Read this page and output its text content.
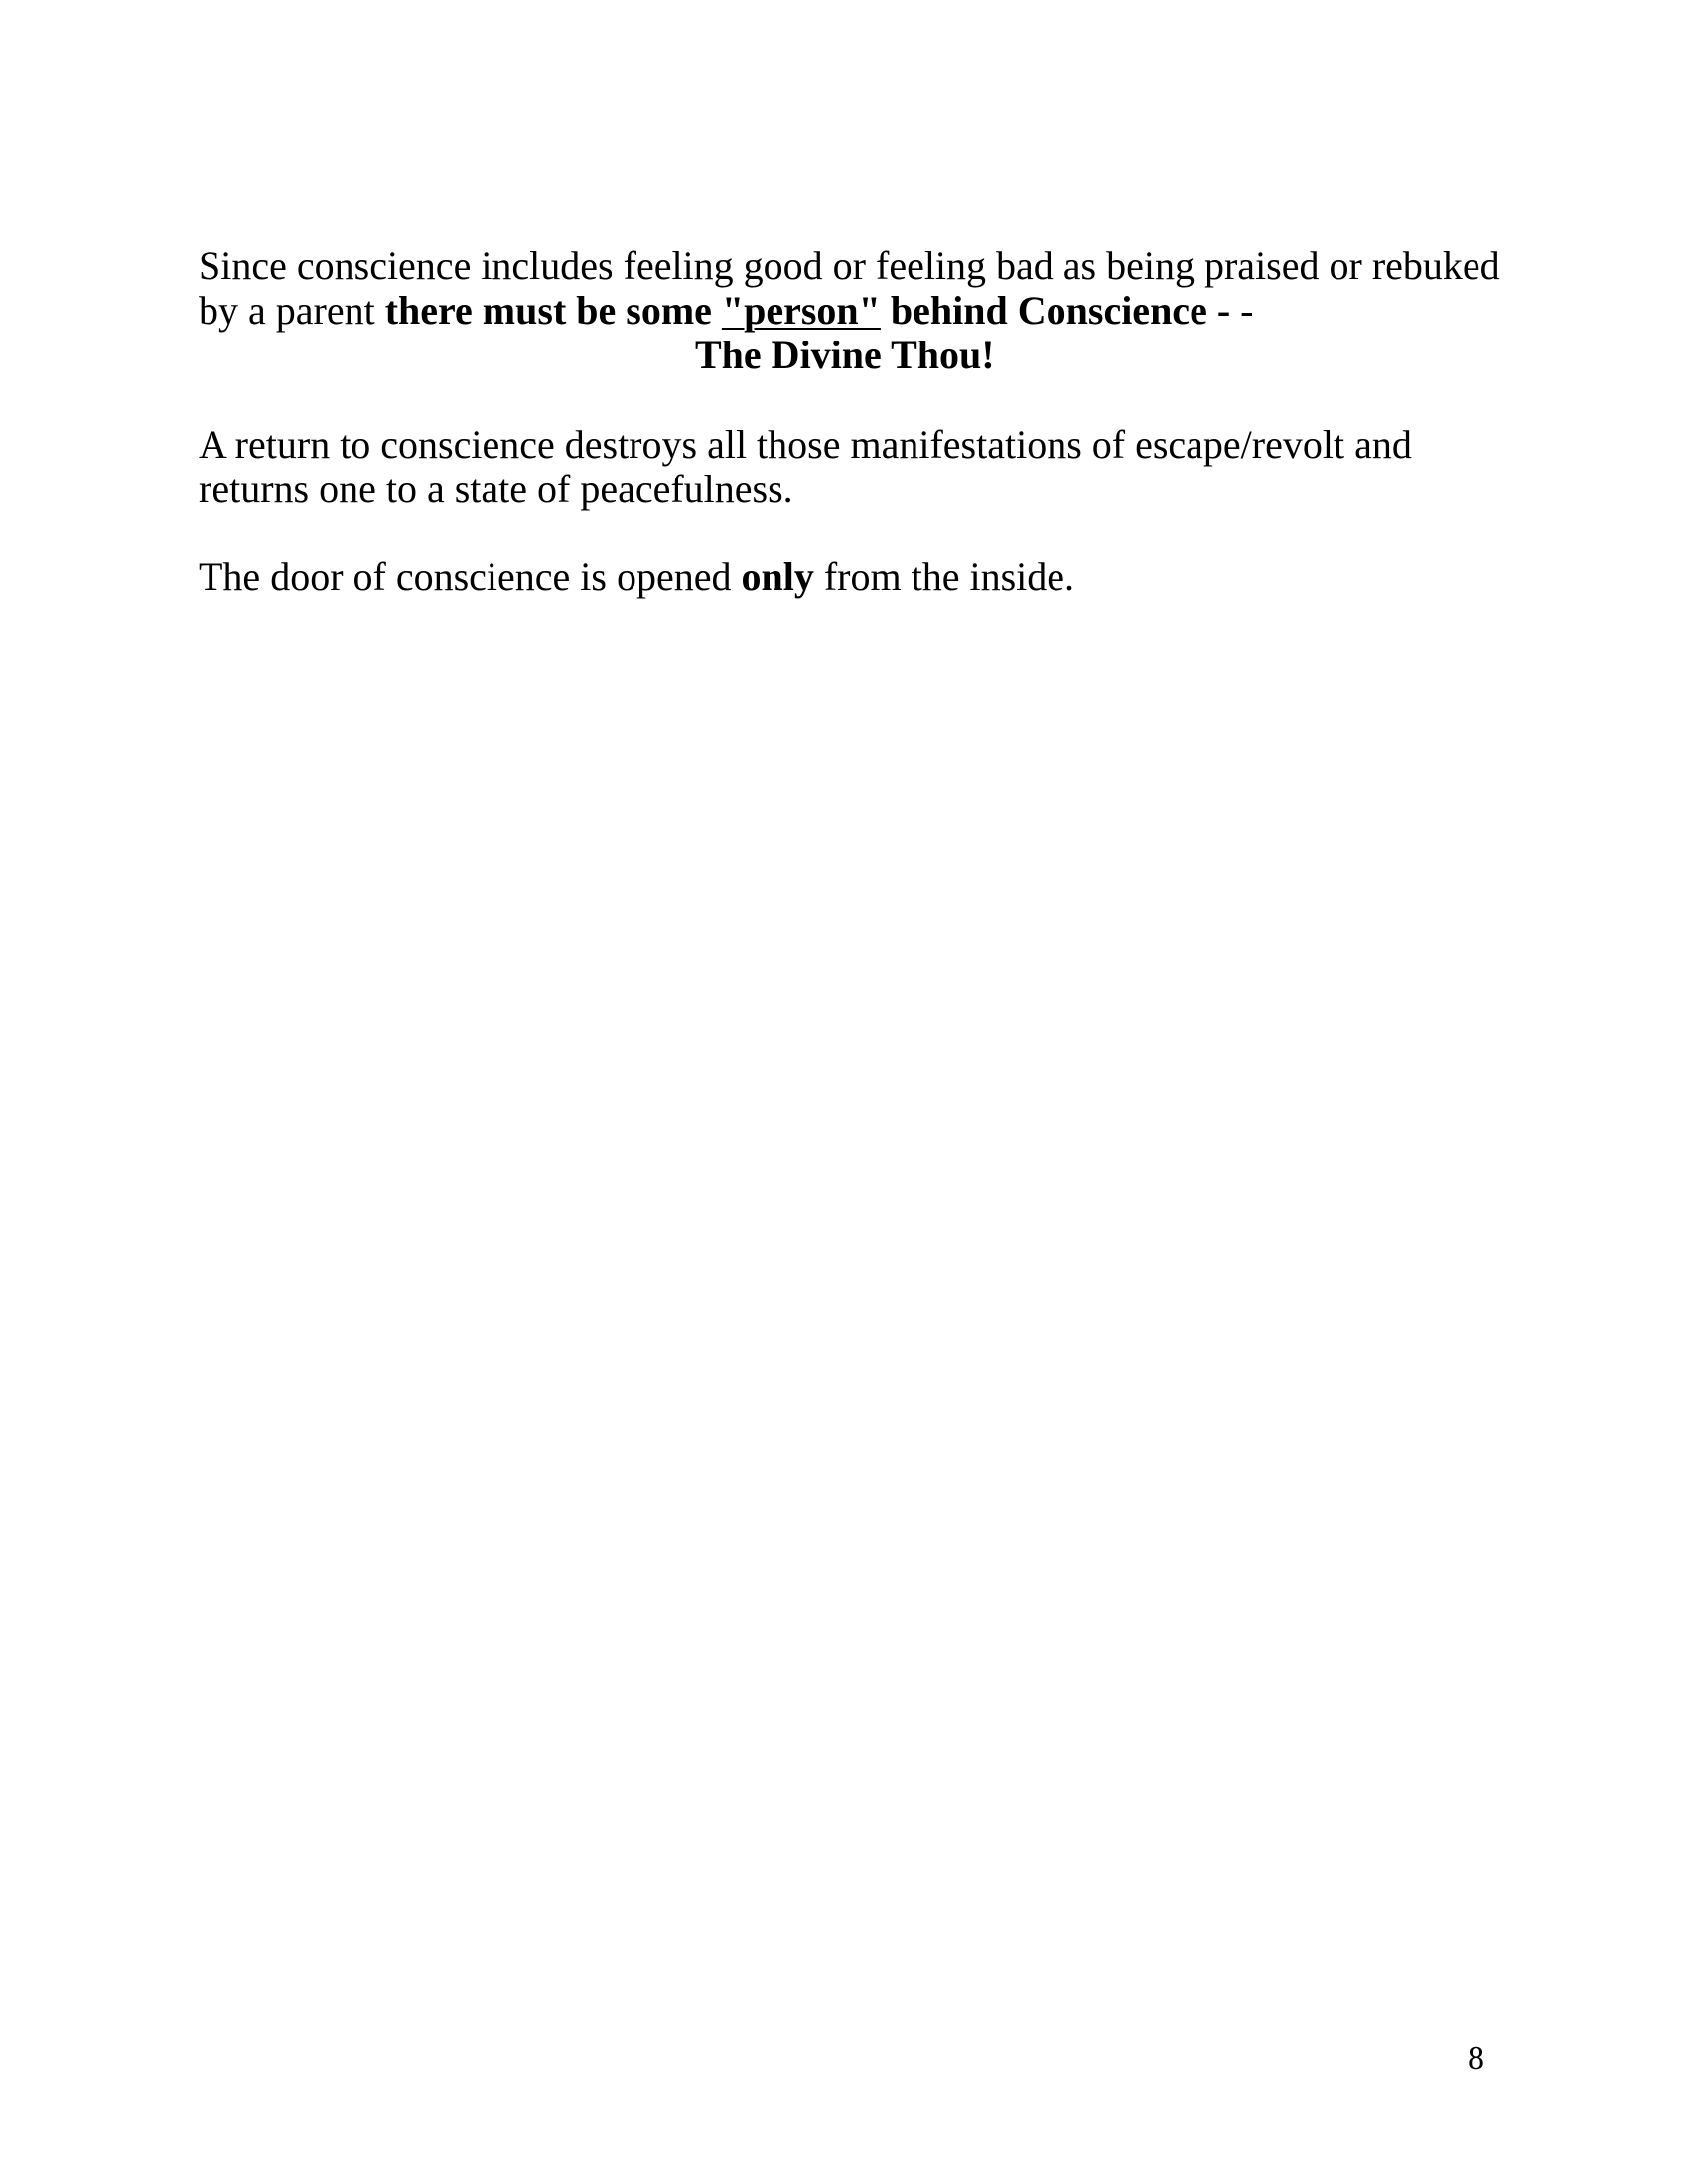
Since conscience includes feeling good or feeling bad as being praised or rebuked
by a parent there must be some "person" behind Conscience - -
The Divine Thou!
A return to conscience destroys all those manifestations of escape/revolt and
returns one to a state of peacefulness.
The door of conscience is opened only from the inside.
8
